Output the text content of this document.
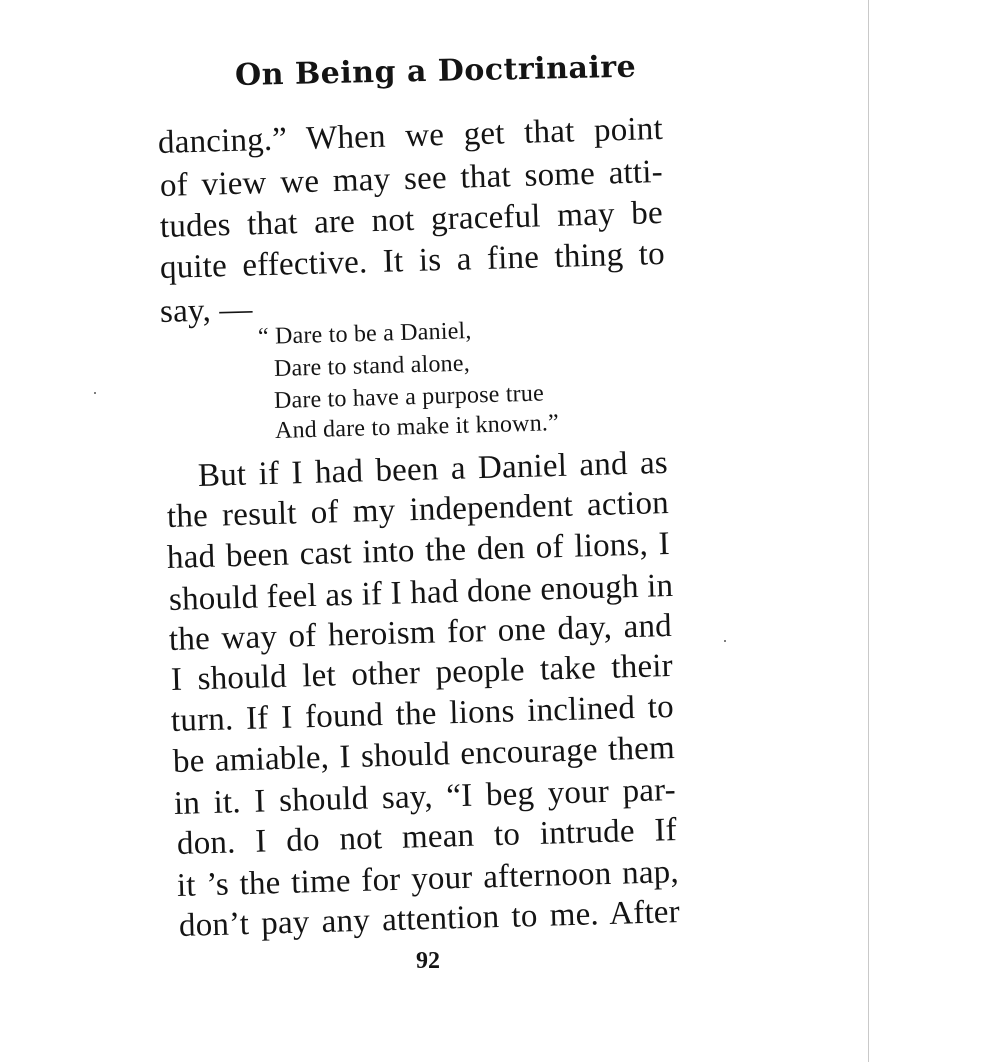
On Being a Doctrinaire
dancing.” When we get that point
of view we may see that some atti-
tudes that are not graceful may be
quite effective. It is a fine thing to
say, —
“ Dare to be a Daniel,
Dare to stand alone,
Dare to have a purpose true
And dare to make it known.”
But if I had been a Daniel and as
the result of my independent action
had been cast into the den of lions, I
should feel as if I had done enough in
the way of heroism for one day, and
I should let other people take their
turn. If I found the lions inclined to
be amiable, I should encourage them
in it. I should say, “I beg your par-
don. I do not mean to intrude If
it ’s the time for your afternoon nap,
don’t pay any attention to me. After
92
